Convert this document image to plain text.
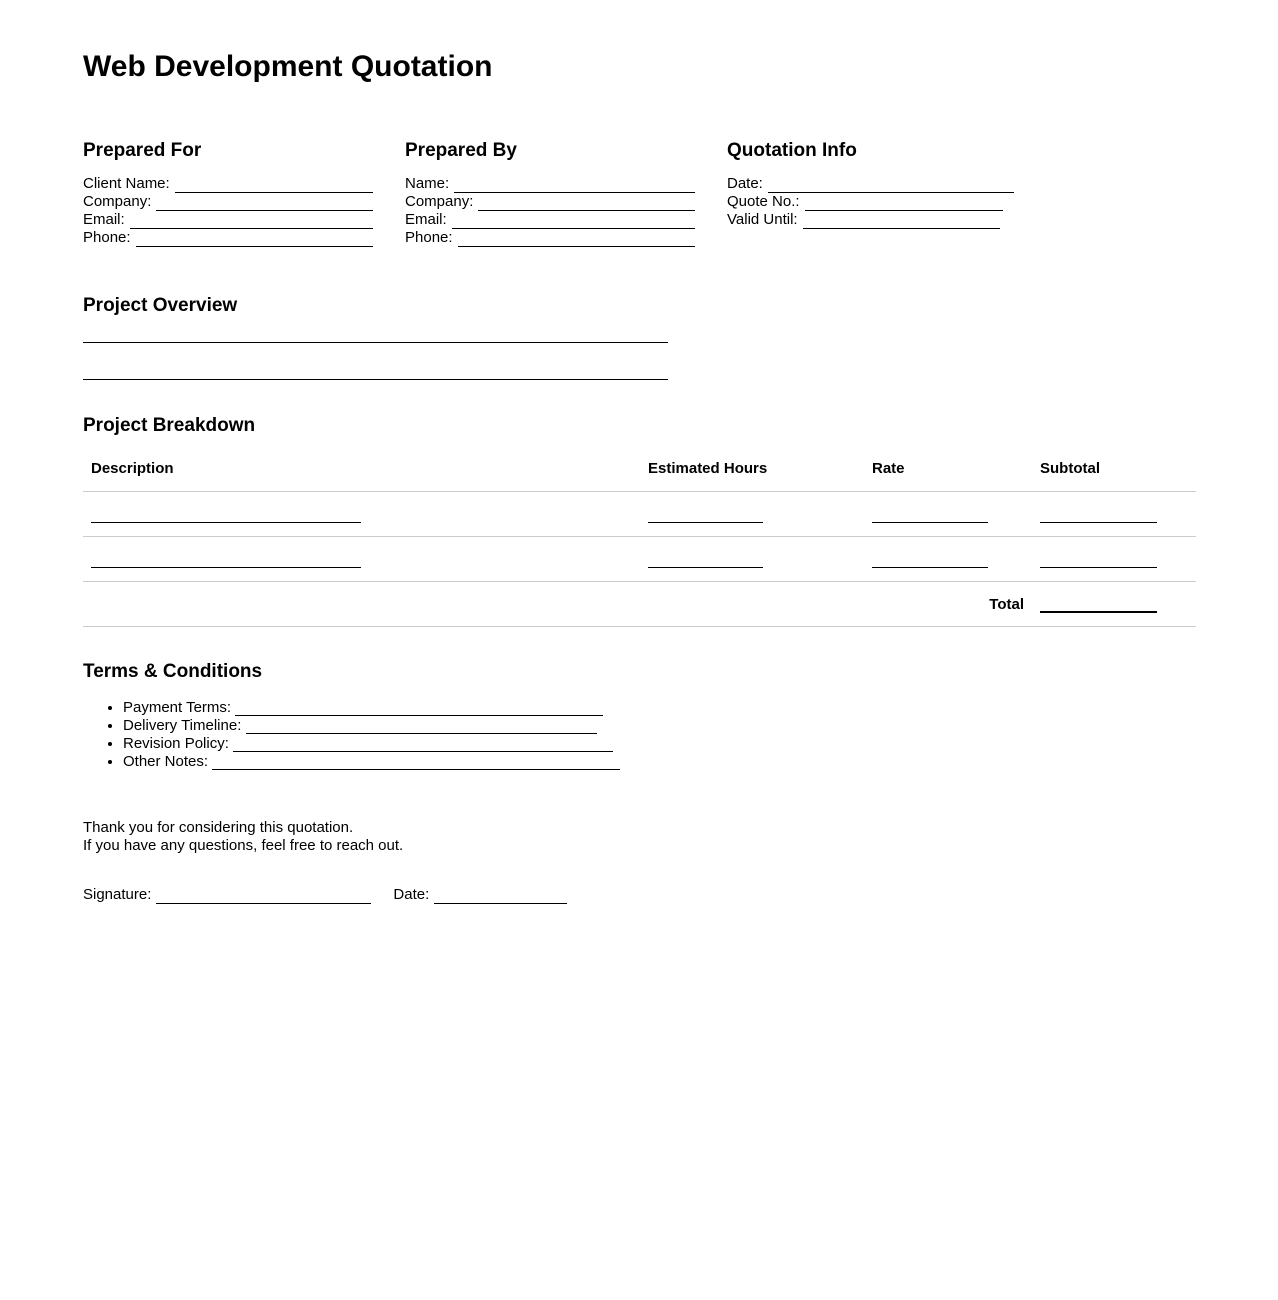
Web Development Quotation
Prepared For
Client Name:
Company:
Email:
Phone:
Prepared By
Name:
Company:
Email:
Phone:
Quotation Info
Date:
Quote No.:
Valid Until:
Project Overview
Project Breakdown
Description	Estimated Hours	Rate	Subtotal

		Total	
Terms & Conditions
• Payment Terms:
• Delivery Timeline:
• Revision Policy:
• Other Notes:
Thank you for considering this quotation.
If you have any questions, feel free to reach out.
Signature:	Date:
